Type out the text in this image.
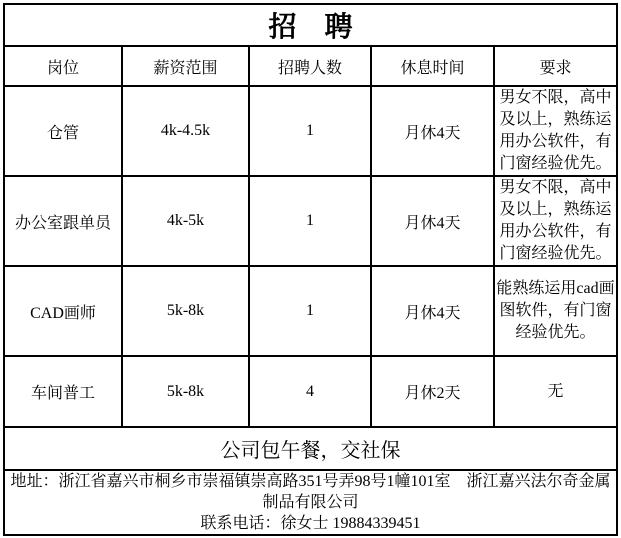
招　聘				
岗位	薪资范围	招聘人数	休息时间	要求
仓管	4k-4.5k	1	月休4天	男女不限，高中及以上，熟练运用办公软件，有门窗经验优先。
办公室跟单员	4k-5k	1	月休4天	男女不限，高中及以上，熟练运用办公软件，有门窗经验优先。
CAD画师	5k-8k	1	月休4天	能熟练运用cad画图软件，有门窗经验优先。
车间普工	5k-8k	4	月休2天	无
公司包午餐，交社保				

地址：浙江省嘉兴市桐乡市崇福镇崇高路351号弄98号1幢101室　浙江嘉兴法尔奇金属制品有限公司
联系电话：徐女士 19884339451				
